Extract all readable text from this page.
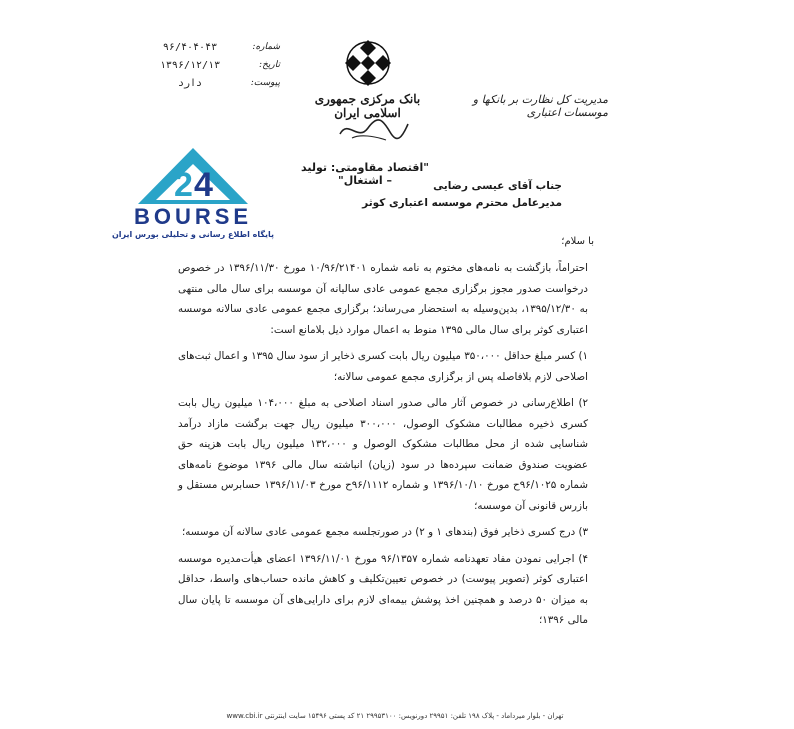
مدیریت کل نظارت بر بانکها و موسسات اعتباری
بانک مرکزی جمهوری اسلامی ایران
۹۶/۴۰۴۰۴۳	شماره:
۱۳۹۶/۱۲/۱۳	تاریخ:
دارد	پیوست:
"اقتصاد مقاومتی: تولید – اشتغال"
2 4
BOURSE
پایگاه اطلاع رسانی و تحلیلی بورس ایران
جناب آقای عیسی رضایی
مدیرعامل محترم موسسه اعتباری کوثر
با سلام؛

احتراماً، بازگشت به نامه‌های مختوم به نامه شماره ۱۰/۹۶/۲۱۴۰۱ مورخ ۱۳۹۶/۱۱/۳۰ در خصوص درخواست صدور مجوز برگزاری مجمع عمومی عادی سالیانه آن موسسه برای سال مالی منتهی به ۱۳۹۵/۱۲/۳۰، بدین‌وسیله به استحضار می‌رساند؛ برگزاری مجمع عمومی عادی سالانه موسسه اعتباری کوثر برای سال مالی ۱۳۹۵ منوط به اعمال موارد ذیل بلامانع است:

۱) کسر مبلغ حداقل ۳۵۰،۰۰۰ میلیون ریال بابت کسری ذخایر از سود سال ۱۳۹۵ و اعمال ثبت‌های اصلاحی لازم بلافاصله پس از برگزاری مجمع عمومی سالانه؛

۲) اطلاع‌رسانی در خصوص آثار مالی صدور اسناد اصلاحی به مبلغ ۱۰۴،۰۰۰ میلیون ریال بابت کسری ذخیره مطالبات مشکوک الوصول، ۳۰۰،۰۰۰ میلیون ریال جهت برگشت مازاد درآمد شناسایی شده از محل مطالبات مشکوک الوصول و ۱۳۲،۰۰۰ میلیون ریال بابت هزینه حق عضویت صندوق ضمانت سپرده‌ها در سود (زیان) انباشته سال مالی ۱۳۹۶ موضوع نامه‌های شماره ۹۶/۱۰۲۵ح مورخ ۱۳۹۶/۱۰/۱۰ و شماره ۹۶/۱۱۱۲ح مورخ ۱۳۹۶/۱۱/۰۳ حسابرس مستقل و بازرس قانونی آن موسسه؛

۳) درج کسری ذخایر فوق (بندهای ۱ و ۲) در صورتجلسه مجمع عمومی عادی سالانه آن موسسه؛

۴) اجرایی نمودن مفاد تعهدنامه شماره ۹۶/۱۳۵۷ مورخ ۱۳۹۶/۱۱/۰۱ اعضای هیأت‌مدیره موسسه اعتباری کوثر (تصویر پیوست) در خصوص تعیین‌تکلیف و کاهش مانده حساب‌های واسط، حداقل به میزان ۵۰ درصد و همچنین اخذ پوشش بیمه‌ای لازم برای دارایی‌های آن موسسه تا پایان سال مالی ۱۳۹۶؛

تهران - بلوار میرداماد - پلاک ۱۹۸ تلفن: ۲۹۹۵۱ دورنویس: ۲۹۹۵۳۱۰۰ ۲۱ کد پستی ۱۵۴۹۶ سایت اینترنتی www.cbi.ir
